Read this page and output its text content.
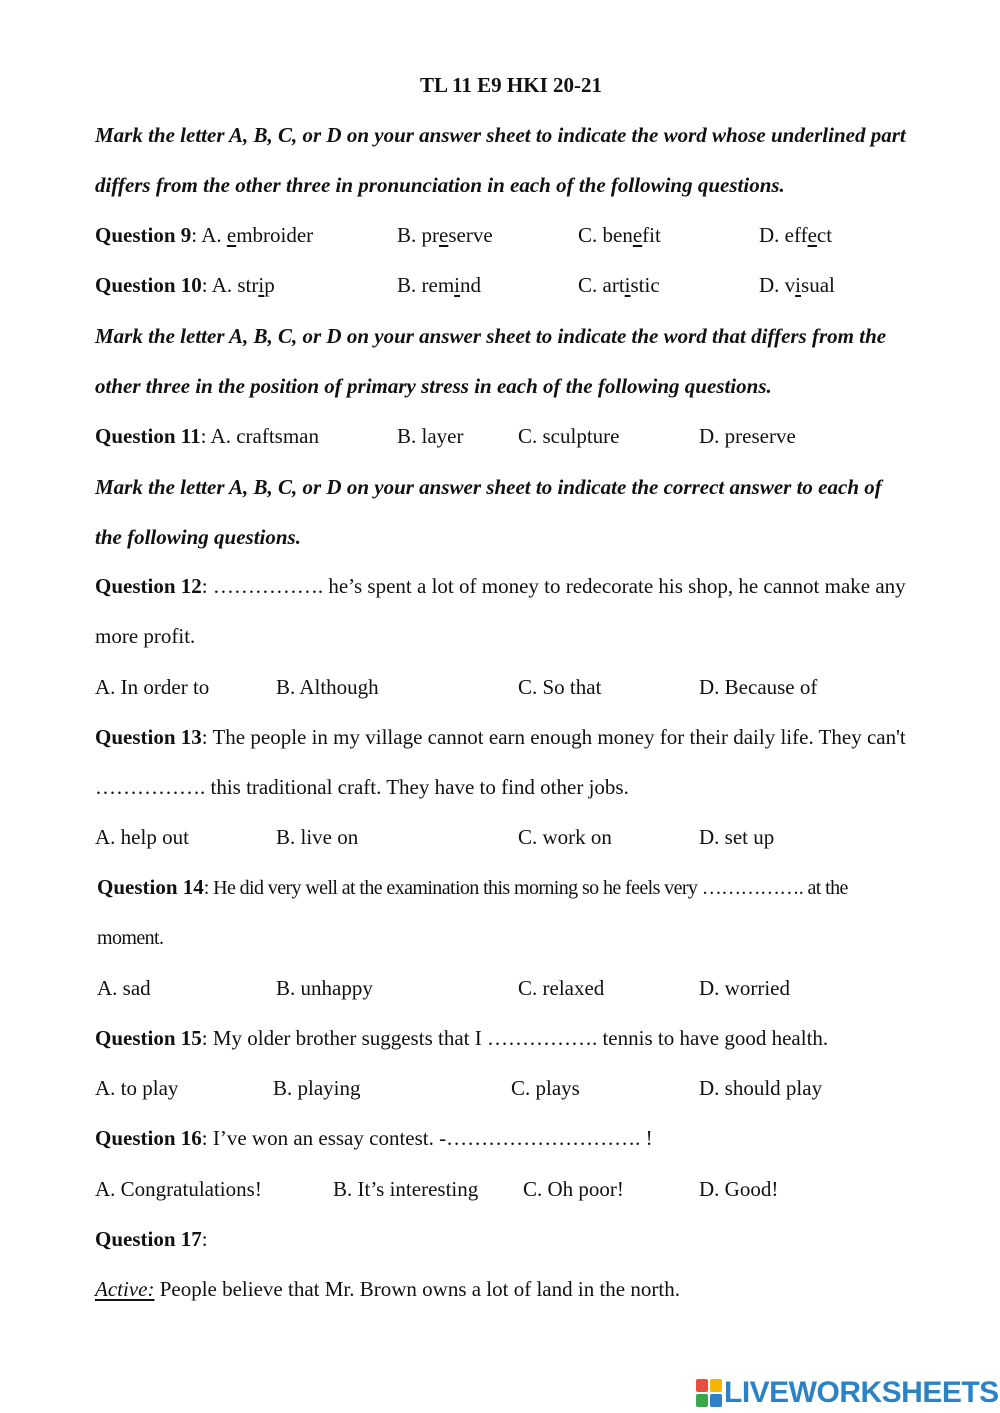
TL 11 E9 HKI 20-21
Mark the letter A, B, C, or D on your answer sheet to indicate the word whose underlined part
differs from the other three in pronunciation in each of the following questions.
Question 9: A. embroider	B. preserve	C. benefit	D. effect
Question 10: A. strip	B. remind	C. artistic	D. visual
Mark the letter A, B, C, or D on your answer sheet to indicate the word that differs from the
other three in the position of primary stress in each of the following questions.
Question 11: A. craftsman	B. layer	C. sculpture	D. preserve
Mark the letter A, B, C, or D on your answer sheet to indicate the correct answer to each of
the following questions.
Question 12: ……………. he’s spent a lot of money to redecorate his shop, he cannot make any
more profit.
A. In order to	B. Although	C. So that	D. Because of
Question 13: The people in my village cannot earn enough money for their daily life. They can't
……………. this traditional craft. They have to find other jobs.
A. help out	B. live on	C. work on	D. set up
Question 14: He did very well at the examination this morning so he feels very ……………. at the
moment.
A. sad	B. unhappy	C. relaxed	D. worried
Question 15: My older brother suggests that I ……………. tennis to have good health.
A. to play	B. playing	C. plays	D. should play
Question 16: I’ve won an essay contest. -………………………. !
A. Congratulations!	B. It’s interesting C. Oh poor!	D. Good!
Question 17:
Active: People believe that Mr. Brown owns a lot of land in the north.
LIVEWORKSHEETS
